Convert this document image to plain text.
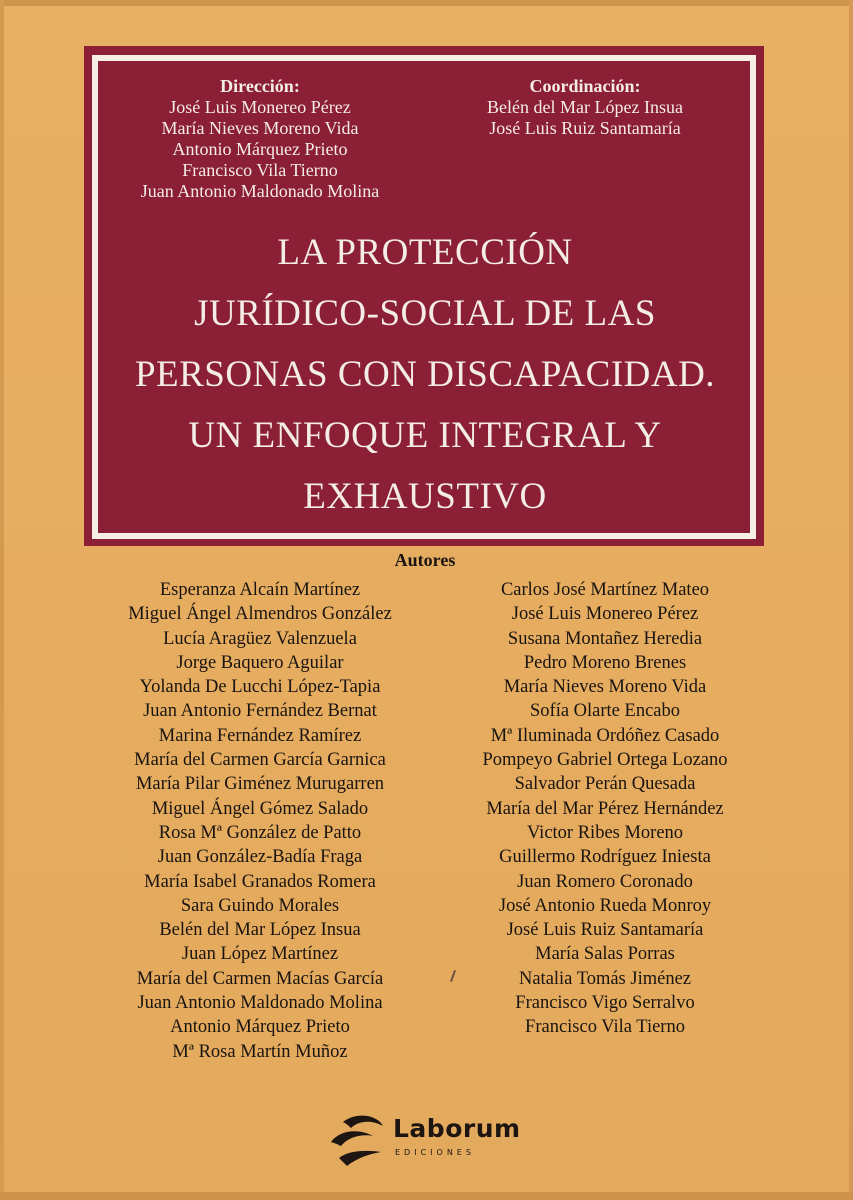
Dirección:
José Luis Monereo Pérez
María Nieves Moreno Vida
Antonio Márquez Prieto
Francisco Vila Tierno
Juan Antonio Maldonado Molina
Coordinación:
Belén del Mar López Insua
José Luis Ruiz Santamaría
LA PROTECCIÓN
JURÍDICO-SOCIAL DE LAS
PERSONAS CON DISCAPACIDAD.
UN ENFOQUE INTEGRAL Y
EXHAUSTIVO
Autores
Esperanza Alcaín Martínez
Miguel Ángel Almendros González
Lucía Aragüez Valenzuela
Jorge Baquero Aguilar
Yolanda De Lucchi López-Tapia
Juan Antonio Fernández Bernat
Marina Fernández Ramírez
María del Carmen García Garnica
María Pilar Giménez Murugarren
Miguel Ángel Gómez Salado
Rosa Mª González de Patto
Juan González-Badía Fraga
María Isabel Granados Romera
Sara Guindo Morales
Belén del Mar López Insua
Juan López Martínez
María del Carmen Macías García
Juan Antonio Maldonado Molina
Antonio Márquez Prieto
Mª Rosa Martín Muñoz
Carlos José Martínez Mateo
José Luis Monereo Pérez
Susana Montañez Heredia
Pedro Moreno Brenes
María Nieves Moreno Vida
Sofía Olarte Encabo
Mª Iluminada Ordóñez Casado
Pompeyo Gabriel Ortega Lozano
Salvador Perán Quesada
María del Mar Pérez Hernández
Victor Ribes Moreno
Guillermo Rodríguez Iniesta
Juan Romero Coronado
José Antonio Rueda Monroy
José Luis Ruiz Santamaría
María Salas Porras
Natalia Tomás Jiménez
Francisco Vigo Serralvo
Francisco Vila Tierno
Laborum
EDICIONES
